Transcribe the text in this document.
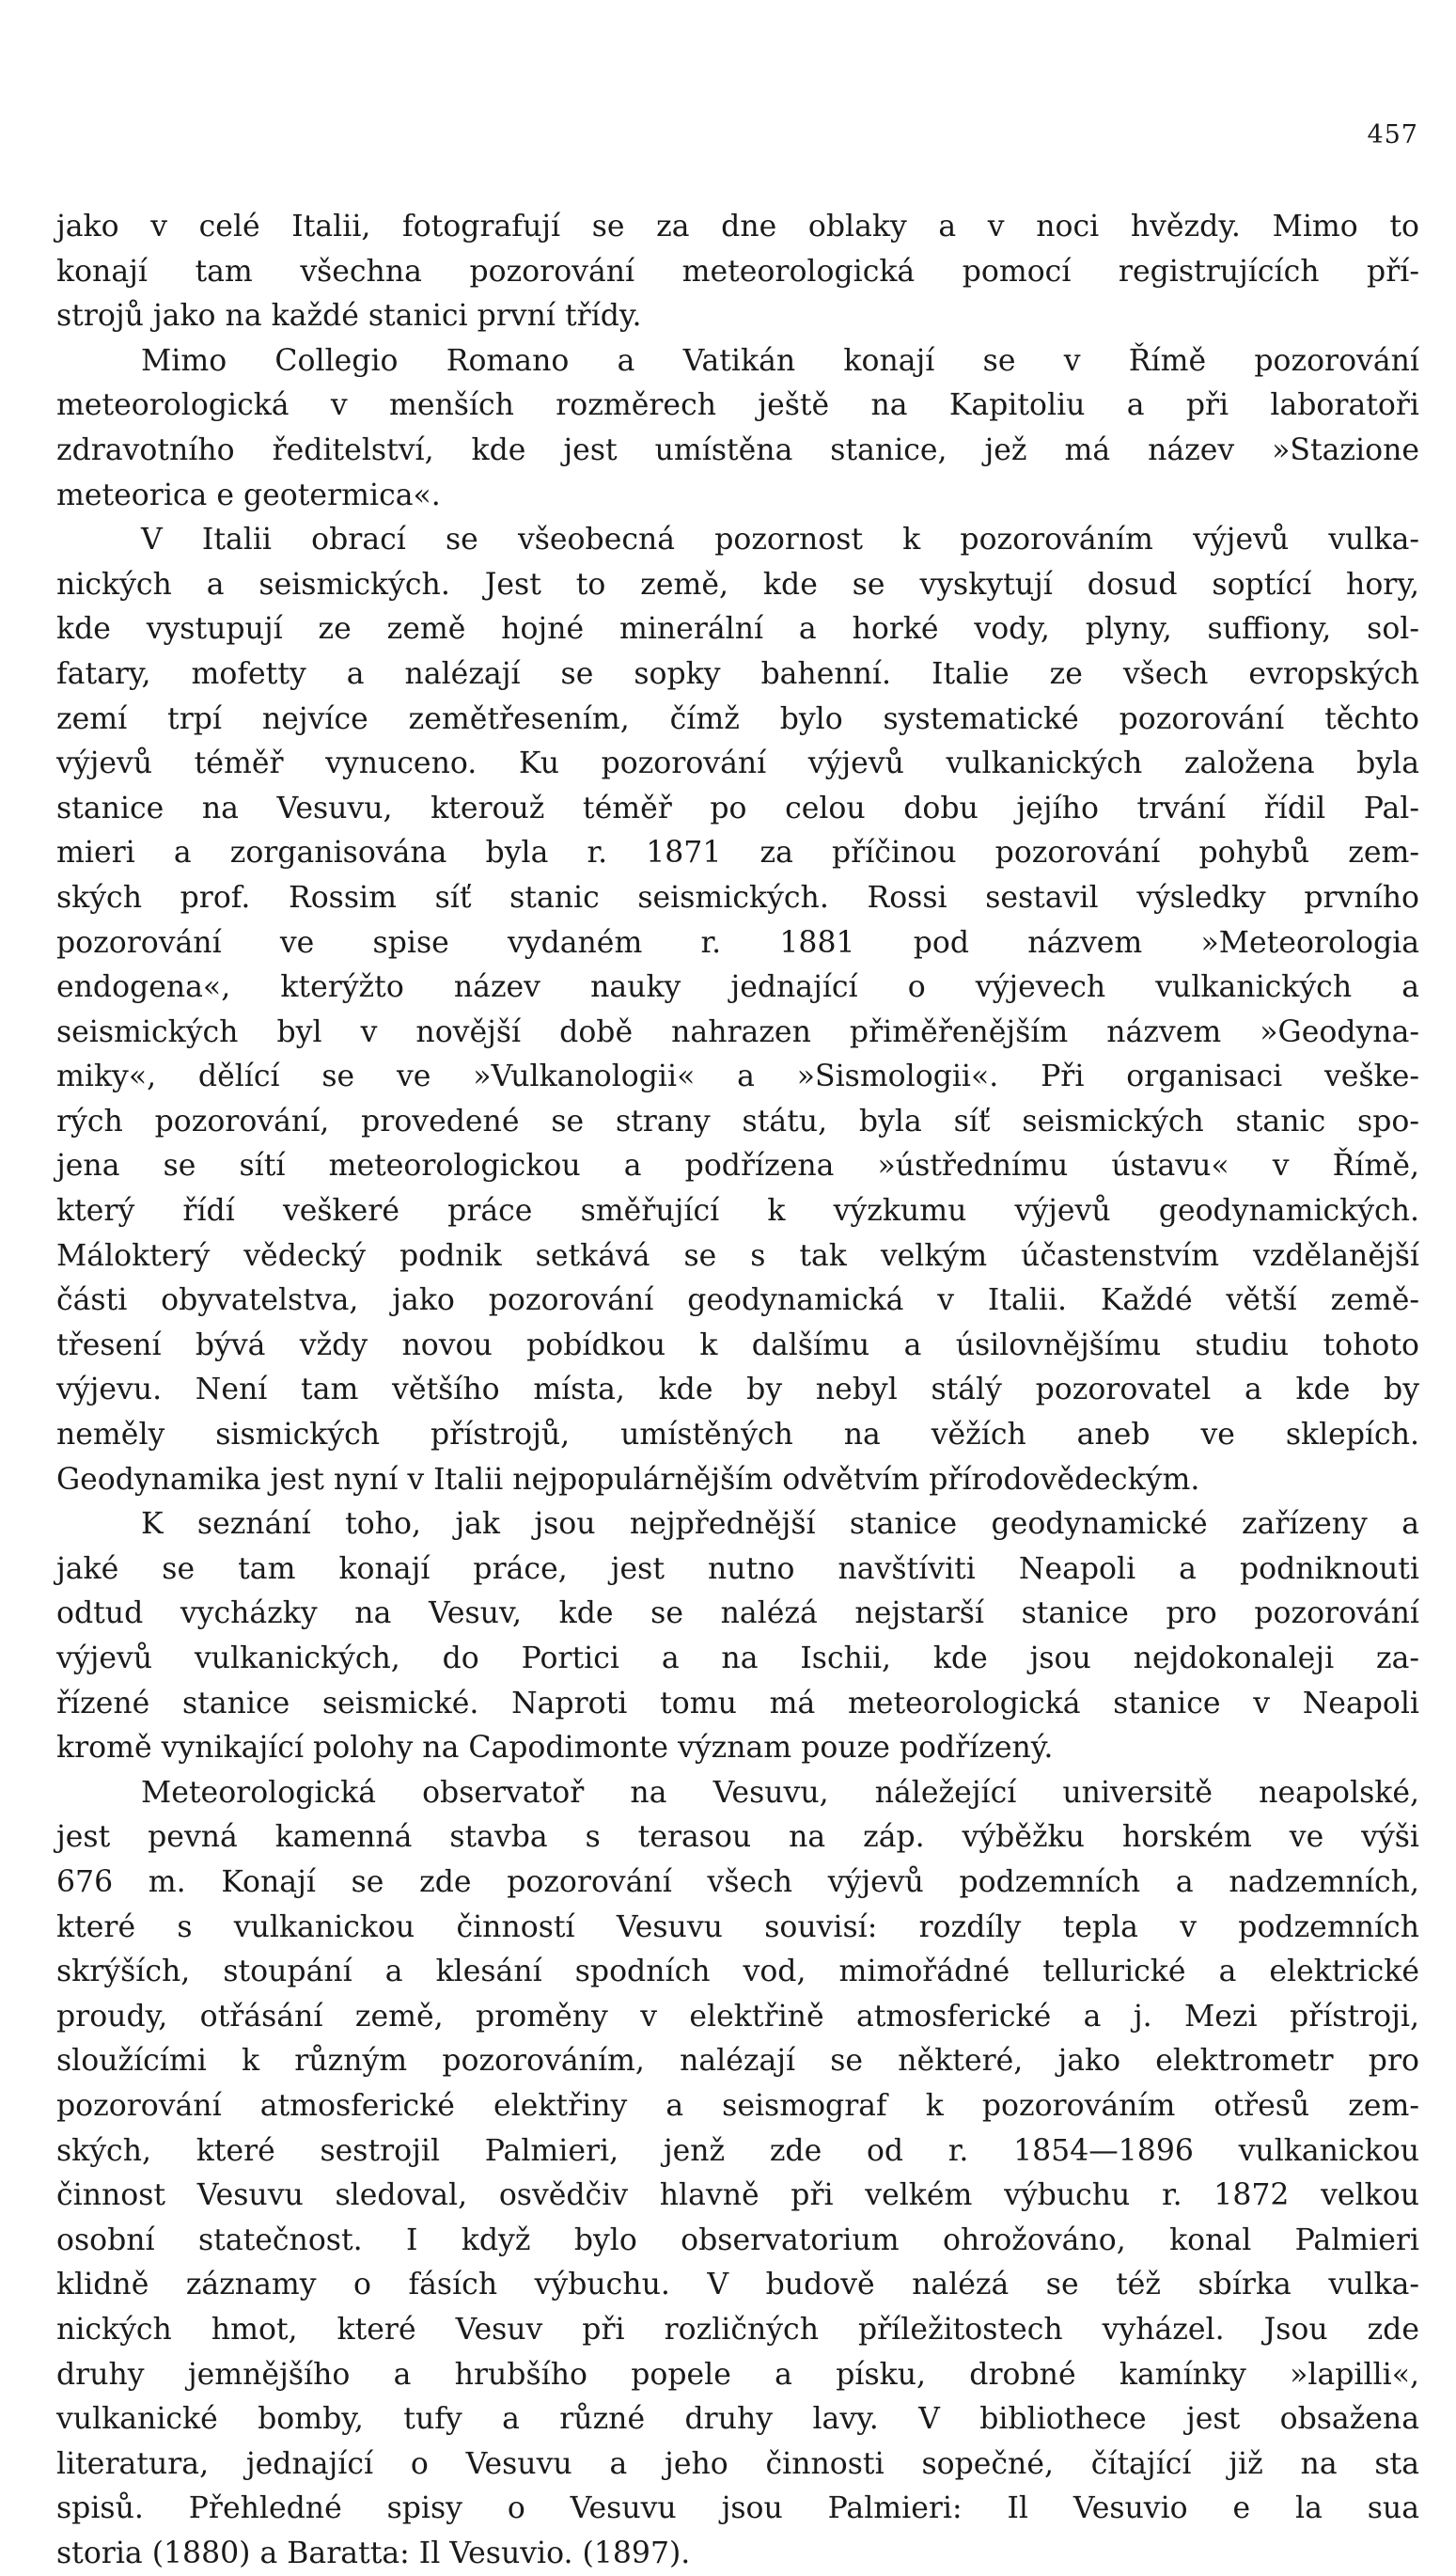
457
jako v celé Italii, fotografují se za dne oblaky a v noci hvězdy. Mimo to
konají tam všechna pozorování meteorologická pomocí registrujících pří-
strojů jako na každé stanici první třídy.
Mimo Collegio Romano a Vatikán konají se v Římě pozorování
meteorologická v menších rozměrech ještě na Kapitoliu a při laboratoři
zdravotního ředitelství, kde jest umístěna stanice, jež má název »Stazione
meteorica e geotermica«.
V Italii obrací se všeobecná pozornost k pozorováním výjevů vulka-
nických a seismických. Jest to země, kde se vyskytují dosud soptící hory,
kde vystupují ze země hojné minerální a horké vody, plyny, suffiony, sol-
fatary, mofetty a nalézají se sopky bahenní. Italie ze všech evropských
zemí trpí nejvíce zemětřesením, čímž bylo systematické pozorování těchto
výjevů téměř vynuceno. Ku pozorování výjevů vulkanických založena byla
stanice na Vesuvu, kterouž téměř po celou dobu jejího trvání řídil Pal-
mieri a zorganisována byla r. 1871 za příčinou pozorování pohybů zem-
ských prof. Rossim síť stanic seismických. Rossi sestavil výsledky prvního
pozorování ve spise vydaném r. 1881 pod názvem »Meteorologia
endogena«, kterýžto název nauky jednající o výjevech vulkanických a
seismických byl v novější době nahrazen přiměřenějším názvem »Geodyna-
miky«, dělící se ve »Vulkanologii« a »Sismologii«. Při organisaci veške-
rých pozorování, provedené se strany státu, byla síť seismických stanic spo-
jena se sítí meteorologickou a podřízena »ústřednímu ústavu« v Římě,
který řídí veškeré práce směřující k výzkumu výjevů geodynamických.
Málokterý vědecký podnik setkává se s tak velkým účastenstvím vzdělanější
části obyvatelstva, jako pozorování geodynamická v Italii. Každé větší země-
třesení bývá vždy novou pobídkou k dalšímu a úsilovnějšímu studiu tohoto
výjevu. Není tam většího místa, kde by nebyl stálý pozorovatel a kde by
neměly sismických přístrojů, umístěných na věžích aneb ve sklepích.
Geodynamika jest nyní v Italii nejpopulárnějším odvětvím přírodovědeckým.
K seznání toho, jak jsou nejpřednější stanice geodynamické zařízeny a
jaké se tam konají práce, jest nutno navštíviti Neapoli a podniknouti
odtud vycházky na Vesuv, kde se nalézá nejstarší stanice pro pozorování
výjevů vulkanických, do Portici a na Ischii, kde jsou nejdokonaleji za-
řízené stanice seismické. Naproti tomu má meteorologická stanice v Neapoli
kromě vynikající polohy na Capodimonte význam pouze podřízený.
Meteorologická observatoř na Vesuvu, náležející universitě neapolské,
jest pevná kamenná stavba s terasou na záp. výběžku horském ve výši
676 m. Konají se zde pozorování všech výjevů podzemních a nadzemních,
které s vulkanickou činností Vesuvu souvisí: rozdíly tepla v podzemních
skrýších, stoupání a klesání spodních vod, mimořádné tellurické a elektrické
proudy, otřásání země, proměny v elektřině atmosferické a j. Mezi přístroji,
sloužícími k různým pozorováním, nalézají se některé, jako elektrometr pro
pozorování atmosferické elektřiny a seismograf k pozorováním otřesů zem-
ských, které sestrojil Palmieri, jenž zde od r. 1854—1896 vulkanickou
činnost Vesuvu sledoval, osvědčiv hlavně při velkém výbuchu r. 1872 velkou
osobní statečnost. I když bylo observatorium ohrožováno, konal Palmieri
klidně záznamy o fásích výbuchu. V budově nalézá se též sbírka vulka-
nických hmot, které Vesuv při rozličných příležitostech vyházel. Jsou zde
druhy jemnějšího a hrubšího popele a písku, drobné kamínky »lapilli«,
vulkanické bomby, tufy a různé druhy lavy. V bibliothece jest obsažena
literatura, jednající o Vesuvu a jeho činnosti sopečné, čítající již na sta
spisů. Přehledné spisy o Vesuvu jsou Palmieri: Il Vesuvio e la sua
storia (1880) a Baratta: Il Vesuvio. (1897).
